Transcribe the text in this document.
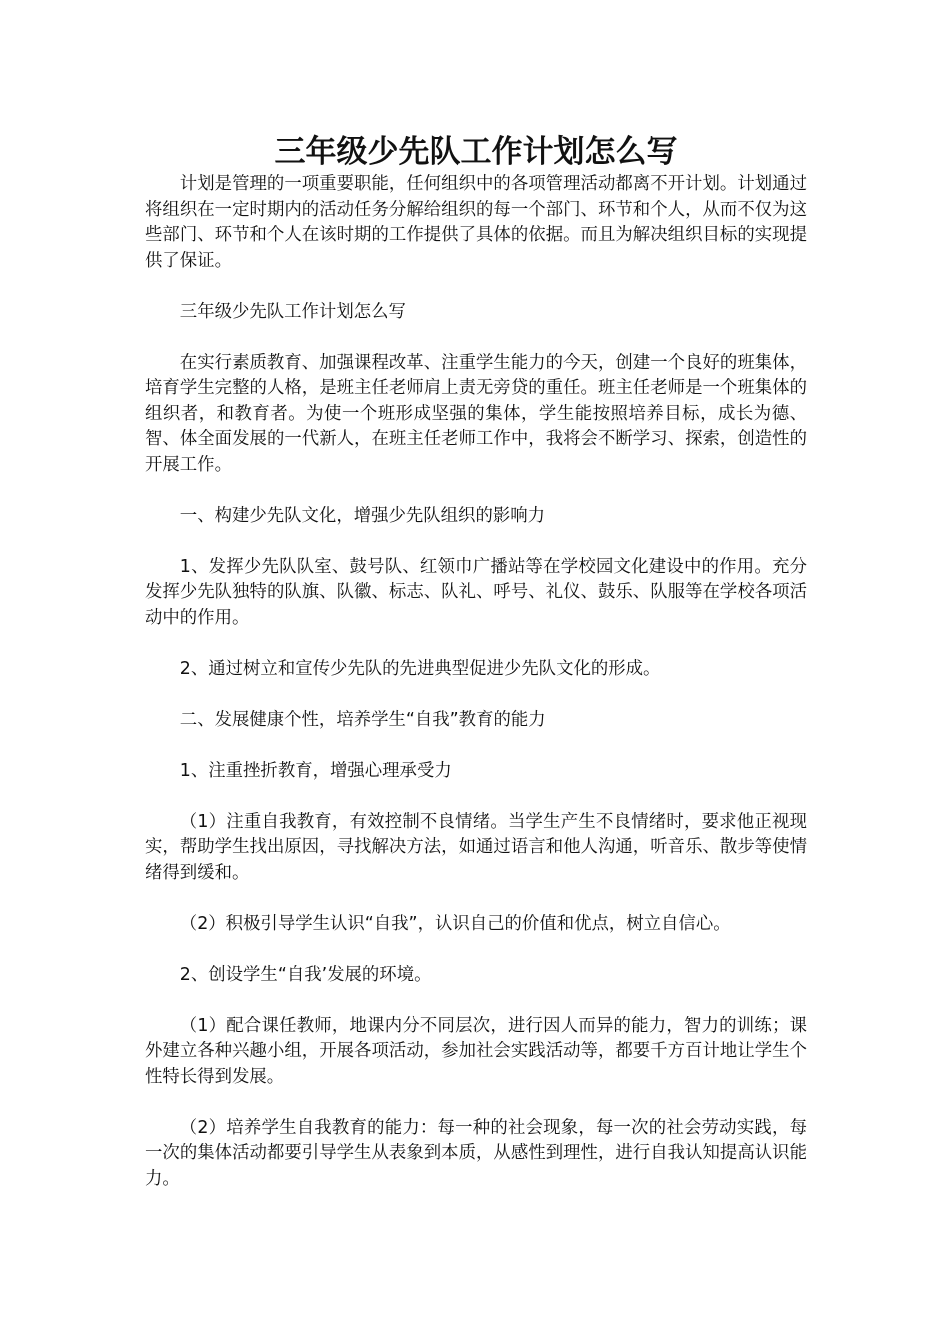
三年级少先队工作计划怎么写

计划是管理的一项重要职能，任何组织中的各项管理活动都离不开计划。计划通过将组织在一定时期内的活动任务分解给组织的每一个部门、环节和个人，从而不仅为这些部门、环节和个人在该时期的工作提供了具体的依据。而且为解决组织目标的实现提供了保证。

三年级少先队工作计划怎么写

在实行素质教育、加强课程改革、注重学生能力的今天，创建一个良好的班集体，培育学生完整的人格，是班主任老师肩上责无旁贷的重任。班主任老师是一个班集体的组织者，和教育者。为使一个班形成坚强的集体，学生能按照培养目标，成长为德、智、体全面发展的一代新人，在班主任老师工作中，我将会不断学习、探索，创造性的开展工作。

一、构建少先队文化，增强少先队组织的影响力

1、发挥少先队队室、鼓号队、红领巾广播站等在学校园文化建设中的作用。充分发挥少先队独特的队旗、队徽、标志、队礼、呼号、礼仪、鼓乐、队服等在学校各项活动中的作用。

2、通过树立和宣传少先队的先进典型促进少先队文化的形成。

二、发展健康个性，培养学生“自我”教育的能力

1、注重挫折教育，增强心理承受力

（1）注重自我教育，有效控制不良情绪。当学生产生不良情绪时，要求他正视现实，帮助学生找出原因，寻找解决方法，如通过语言和他人沟通，听音乐、散步等使情绪得到缓和。

（2）积极引导学生认识“自我”，认识自己的价值和优点，树立自信心。

2、创设学生“自我’发展的环境。

（1）配合课任教师，地课内分不同层次，进行因人而异的能力，智力的训练；课外建立各种兴趣小组，开展各项活动，参加社会实践活动等，都要千方百计地让学生个性特长得到发展。

（2）培养学生自我教育的能力：每一种的社会现象，每一次的社会劳动实践，每一次的集体活动都要引导学生从表象到本质，从感性到理性，进行自我认知提高认识能力。
